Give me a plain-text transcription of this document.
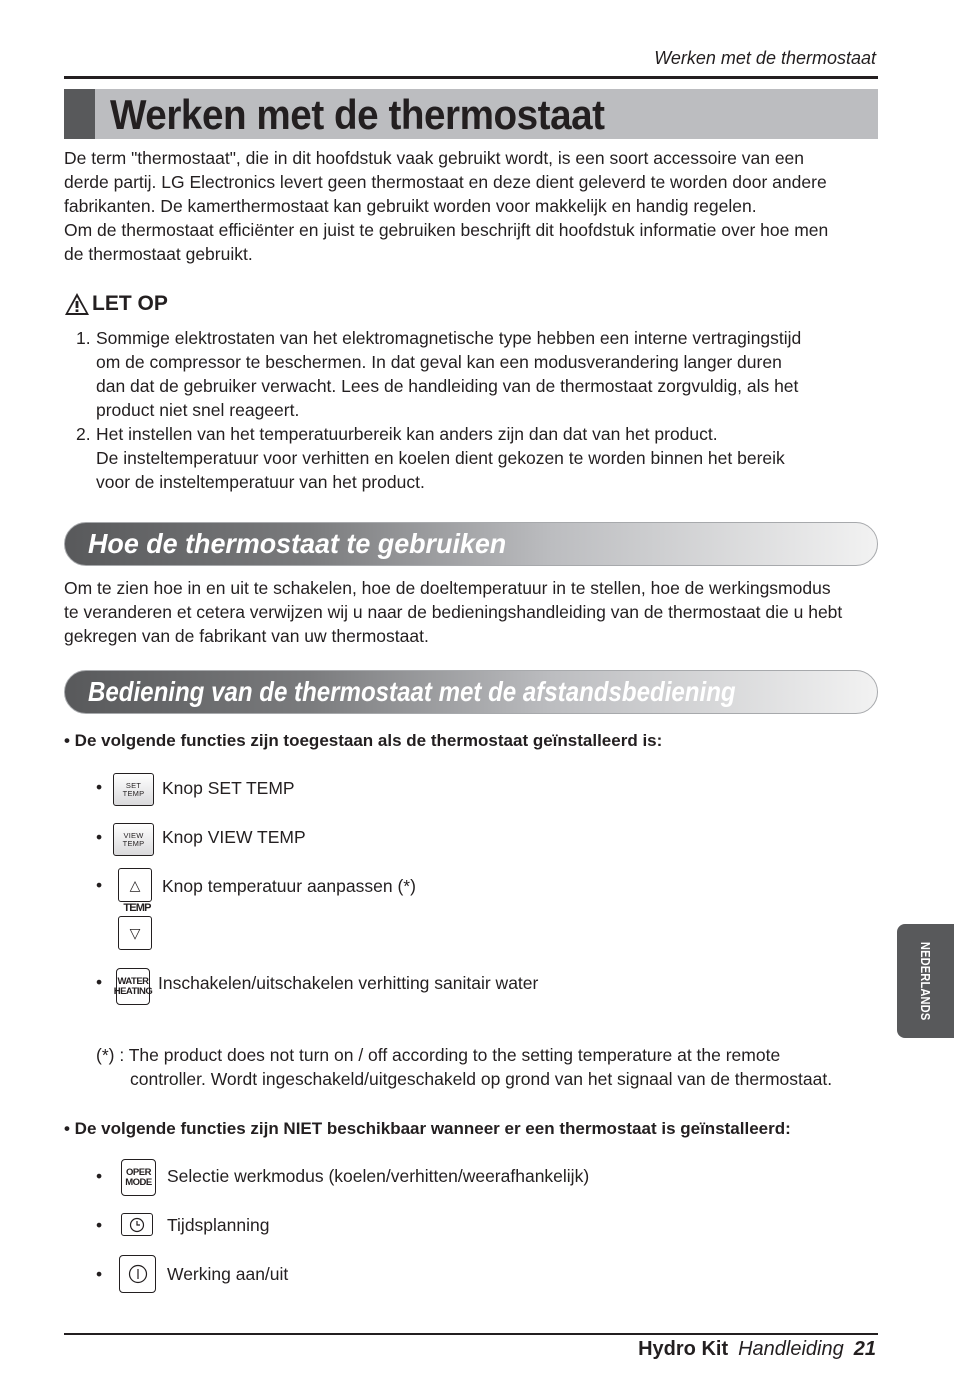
Werken met de thermostaat
Werken met de thermostaat
De term "thermostaat", die in dit hoofdstuk vaak gebruikt wordt, is een soort accessoire van een
derde partij. LG Electronics levert geen thermostaat en deze dient geleverd te worden door andere
fabrikanten. De kamerthermostaat kan gebruikt worden voor makkelijk en handig regelen.
Om de thermostaat efficiënter en juist te gebruiken beschrijft dit hoofdstuk informatie over hoe men
de thermostaat gebruikt.
LET OP
1. Sommige elektrostaten van het elektromagnetische type hebben een interne vertragingstijd
om de compressor te beschermen. In dat geval kan een modusverandering langer duren
dan dat de gebruiker verwacht. Lees de handleiding van de thermostaat zorgvuldig, als het
product niet snel reageert.
2. Het instellen van het temperatuurbereik kan anders zijn dan dat van het product.
De insteltemperatuur voor verhitten en koelen dient gekozen te worden binnen het bereik
voor de insteltemperatuur van het product.
Hoe de thermostaat te gebruiken
Om te zien hoe in en uit te schakelen, hoe de doeltemperatuur in te stellen, hoe de werkingsmodus
te veranderen et cetera verwijzen wij u naar de bedieningshandleiding van de thermostaat die u hebt
gekregen van de fabrikant van uw thermostaat.
Bediening van de thermostaat met de afstandsbediening
• De volgende functies zijn toegestaan als de thermostaat geïnstalleerd is:
•	SET
TEMP Knop SET TEMP
•	VIEW
TEMP Knop VIEW TEMP
• △
TEMP
▽
Knop temperatuur aanpassen (*)
• WATER
HEATING Inschakelen/uitschakelen verhitting sanitair water
(*) : The product does not turn on / off according to the setting temperature at the remote
controller. Wordt ingeschakeld/uitgeschakeld op grond van het signaal van de thermostaat.
• De volgende functies zijn NIET beschikbaar wanneer er een thermostaat is geïnstalleerd:
•	OPER
MODE Selectie werkmodus (koelen/verhitten/weerafhankelijk)
•	Tijdsplanning
•	Werking aan/uit
NEDERLANDS
Hydro Kit Handleiding 21
